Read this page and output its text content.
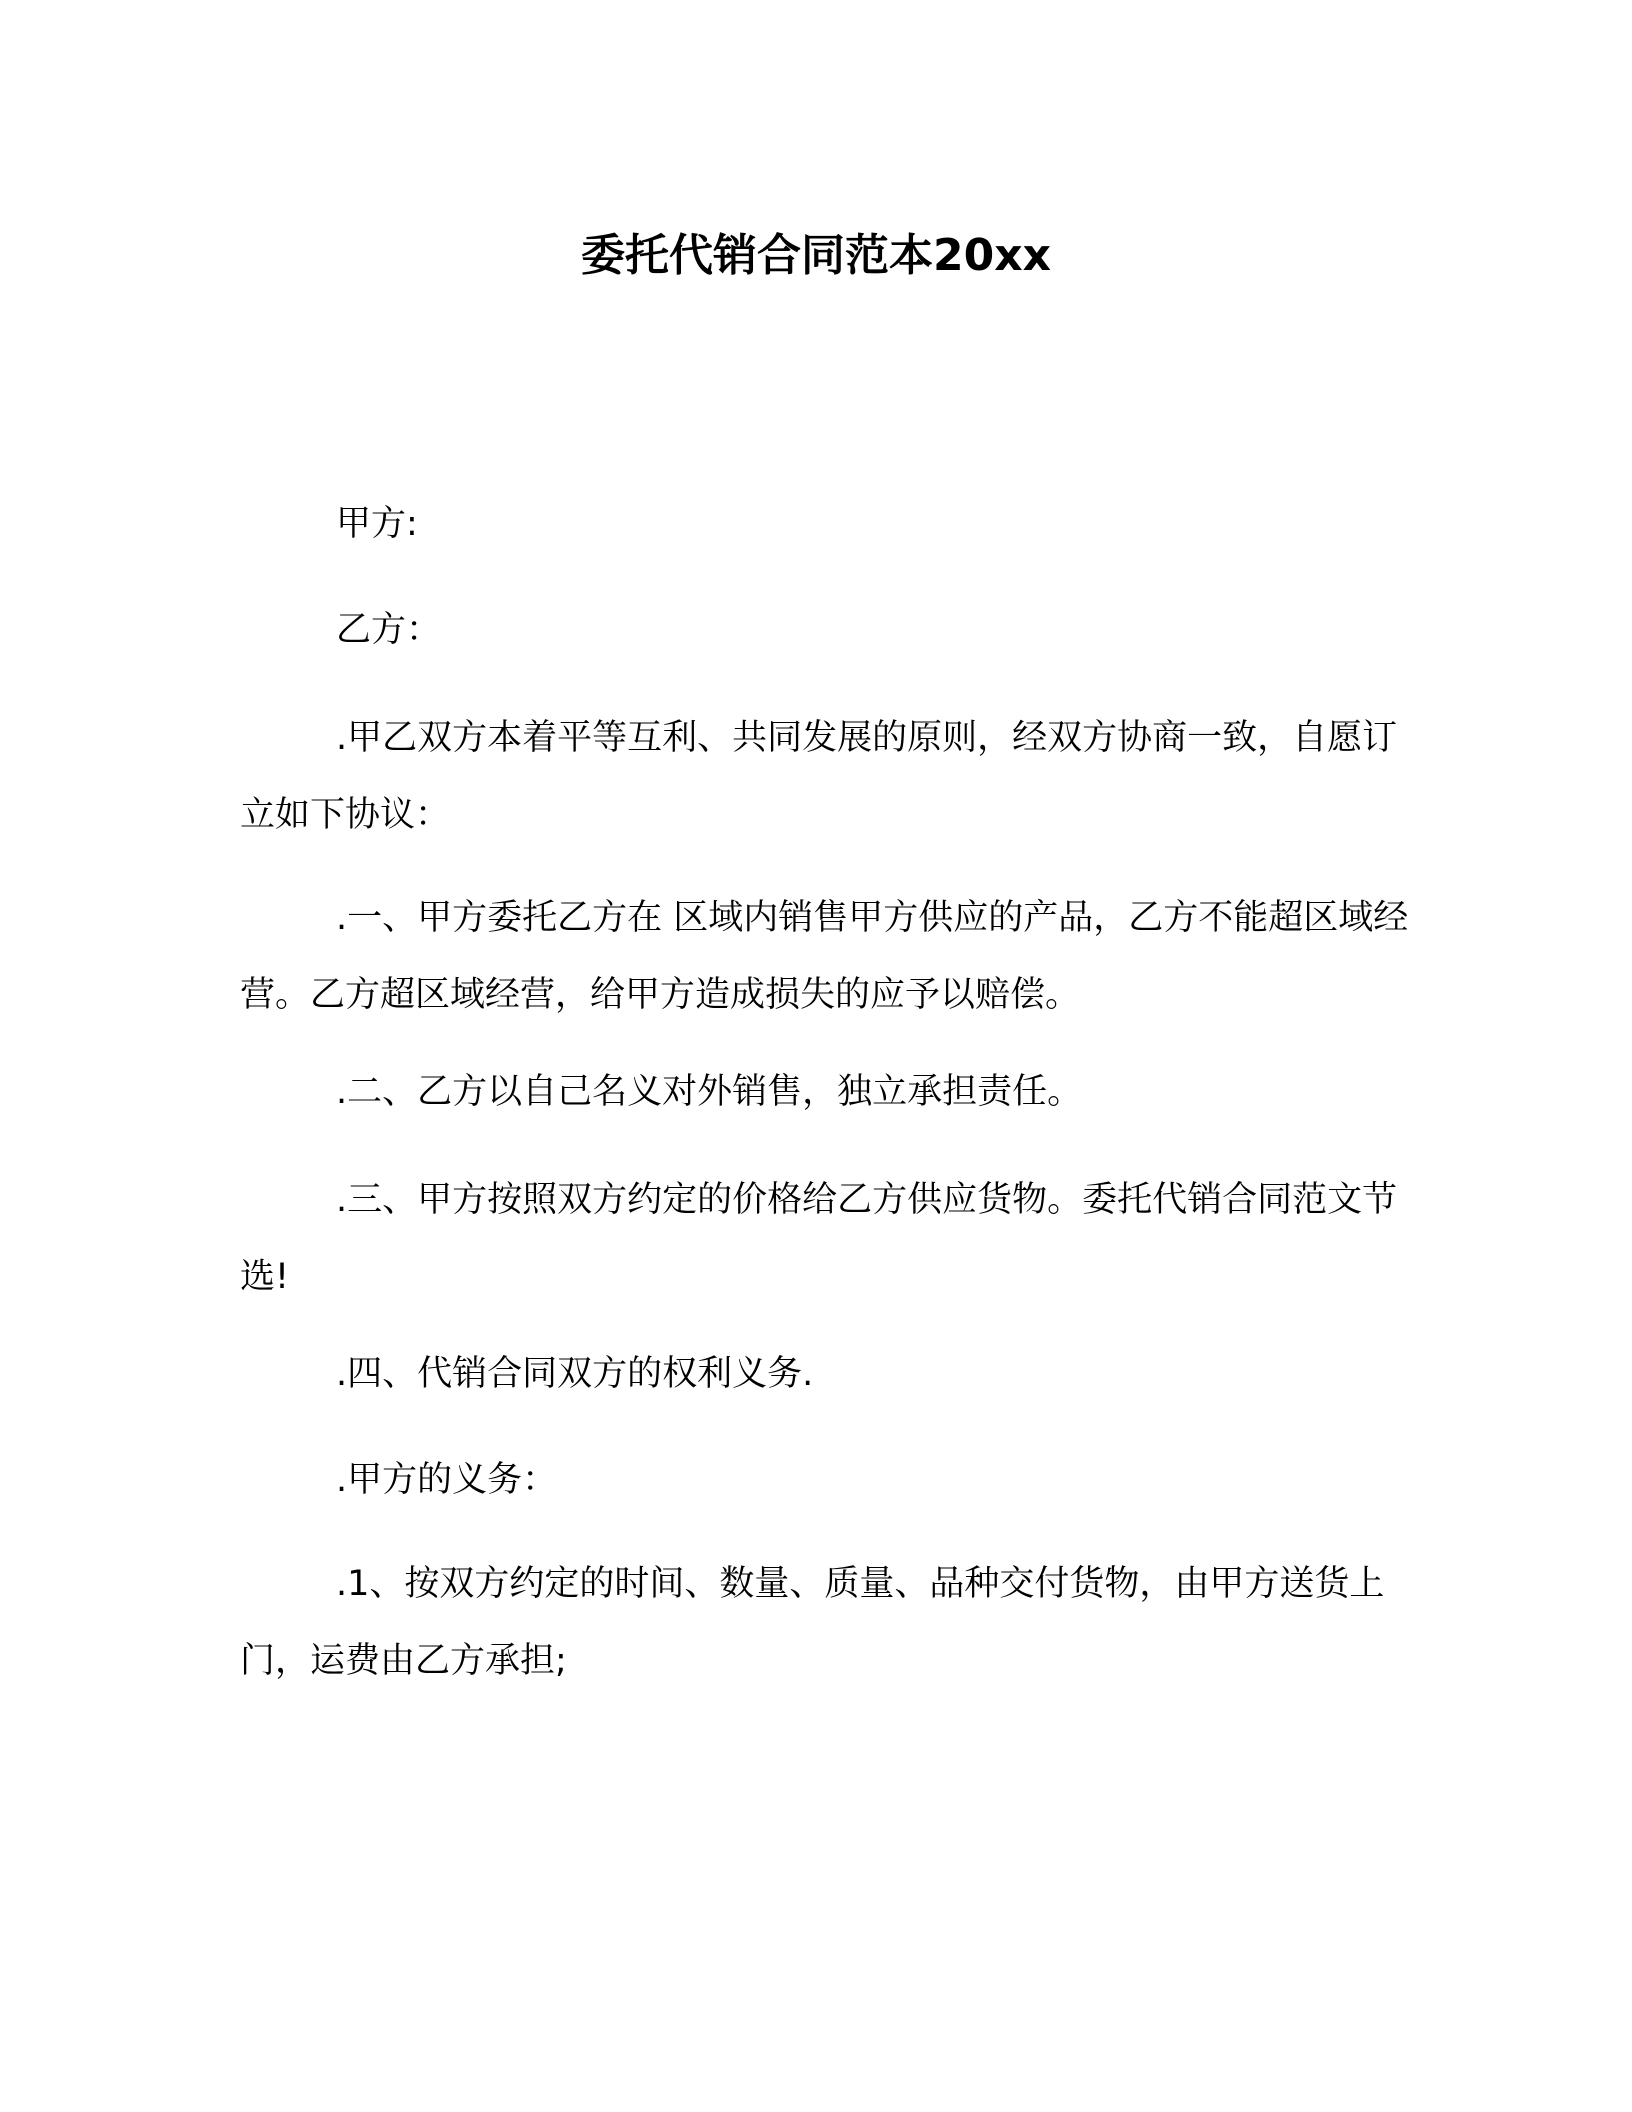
委托代销合同范本20xx
甲方:
乙方：
.甲乙双方本着平等互利、共同发展的原则，经双方协商一致，自愿订立如下协议：
.一、甲方委托乙方在 区域内销售甲方供应的产品，乙方不能超区域经营。乙方超区域经营，给甲方造成损失的应予以赔偿。
.二、乙方以自己名义对外销售，独立承担责任。
.三、甲方按照双方约定的价格给乙方供应货物。委托代销合同范文节选!
.四、代销合同双方的权利义务.
.甲方的义务：
.1、按双方约定的时间、数量、质量、品种交付货物，由甲方送货上门，运费由乙方承担;
